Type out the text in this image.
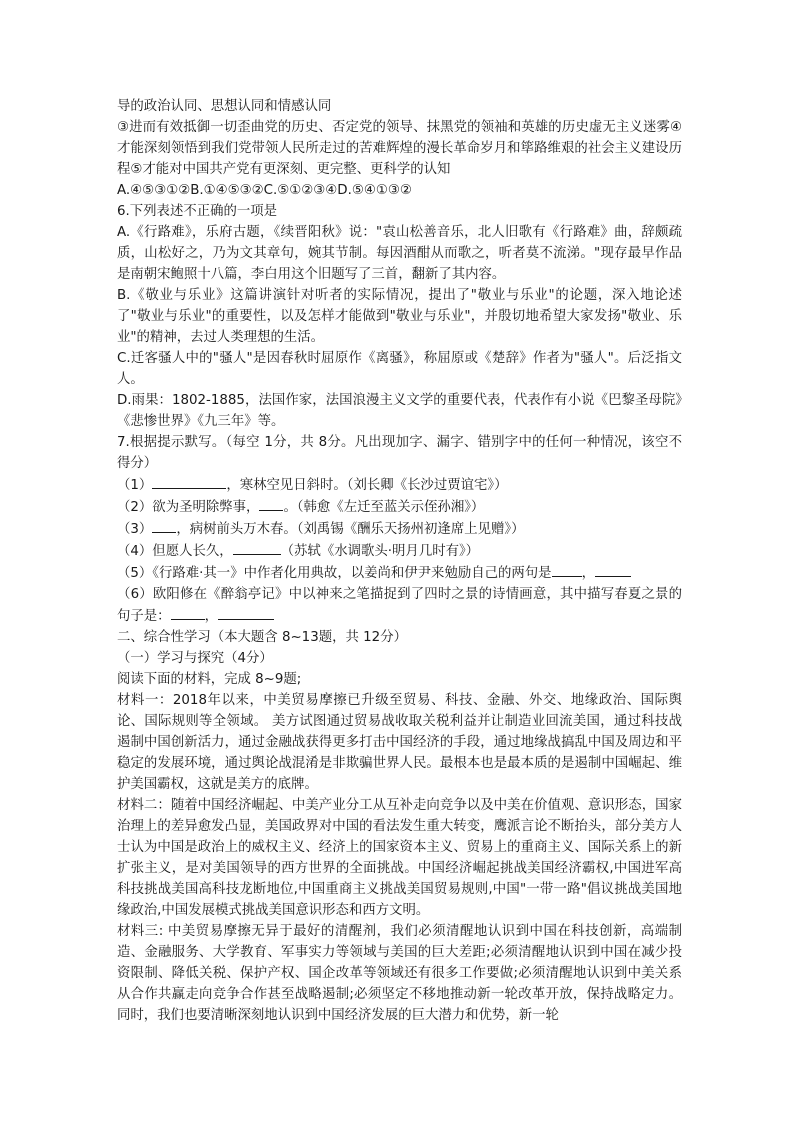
导的政治认同、思想认同和情感认同

③进而有效抵御一切歪曲党的历史、否定党的领导、抹黑党的领袖和英雄的历史虚无主义迷雾④才能深刻领悟到我们党带领人民所走过的苦难辉煌的漫长革命岁月和筚路维艰的社会主义建设历程⑤才能对中国共产党有更深刻、更完整、更科学的认知

A.④⑤③①②B.①④⑤③②C.⑤①②③④D.⑤④①③②

6.下列表述不正确的一项是

A.《行路难》，乐府古题，《续晋阳秋》说："袁山松善音乐，北人旧歌有《行路难》曲，辞颇疏质，山松好之，乃为文其章句，婉其节制。每因酒酣从而歌之，听者莫不流涕。"现存最早作品是南朝宋鲍照十八篇，李白用这个旧题写了三首，翻新了其内容。

B.《敬业与乐业》这篇讲演针对听者的实际情况，提出了"敬业与乐业"的论题，深入地论述了"敬业与乐业"的重要性，以及怎样才能做到"敬业与乐业"，并殷切地希望大家发扬"敬业、乐业"的精神，去过人类理想的生活。

C.迁客骚人中的"骚人"是因春秋时屈原作《离骚》，称屈原或《楚辞》作者为"骚人"。后泛指文人。

D.雨果：1802-1885，法国作家，法国浪漫主义文学的重要代表，代表作有小说《巴黎圣母院》《悲惨世界》《九三年》等。

7.根据提示默写。（每空 1分，共 8分。凡出现加字、漏字、错别字中的任何一种情况，该空不得分）

（1）	，寒林空见日斜时。（刘长卿《长沙过贾谊宅》）

（2）欲为圣明除弊事， 。（韩愈《左迁至蓝关示侄孙湘》）

（3） ，病树前头万木春。（刘禹锡《酬乐天扬州初逢席上见赠》）

（4）但愿人长久，	（苏轼《水调歌头·明月几时有》）

（5）《行路难·其一》中作者化用典故，以姜尚和伊尹来勉励自己的两句是 ，

（6）欧阳修在《醉翁亭记》中以神来之笔描捉到了四时之景的诗情画意，其中描写春夏之景的句子是：	，

二、综合性学习（本大题含 8~13题，共 12分）

（一）学习与探究（4分）

阅读下面的材料，完成 8~9题;

材料一：2018年以来，中美贸易摩擦已升级至贸易、科技、金融、外交、地缘政治、国际舆论、国际规则等全领域。 美方试图通过贸易战收取关税利益并让制造业回流美国，通过科技战遏制中国创新活力，通过金融战获得更多打击中国经济的手段，通过地缘战搞乱中国及周边和平稳定的发展环境，通过舆论战混淆是非欺骗世界人民。最根本也是最本质的是遏制中国崛起、维护美国霸权，这就是美方的底牌。

材料二：随着中国经济崛起、中美产业分工从互补走向竞争以及中美在价值观、意识形态，国家治理上的差异愈发凸显，美国政界对中国的看法发生重大转变，鹰派言论不断抬头，部分美方人士认为中国是政治上的威权主义、经济上的国家资本主义、贸易上的重商主义、国际关系上的新扩张主义，是对美国领导的西方世界的全面挑战。中国经济崛起挑战美国经济霸权,中国进军高科技挑战美国高科技龙断地位,中国重商主义挑战美国贸易规则,中国"一带一路"倡议挑战美国地缘政治,中国发展模式挑战美国意识形态和西方文明。

材料三: 中美贸易摩擦无异于最好的清醒剂，我们必须清醒地认识到中国在科技创新，高端制造、金融服务、大学教育、军事实力等领域与美国的巨大差距;必须清醒地认识到中国在减少投资限制、降低关税、保护产权、国企改革等领域还有很多工作要做;必须清醒地认识到中美关系从合作共赢走向竞争合作甚至战略遏制;必须坚定不移地推动新一轮改革开放，保持战略定力。同时，我们也要清晰深刻地认识到中国经济发展的巨大潜力和优势，新一轮
